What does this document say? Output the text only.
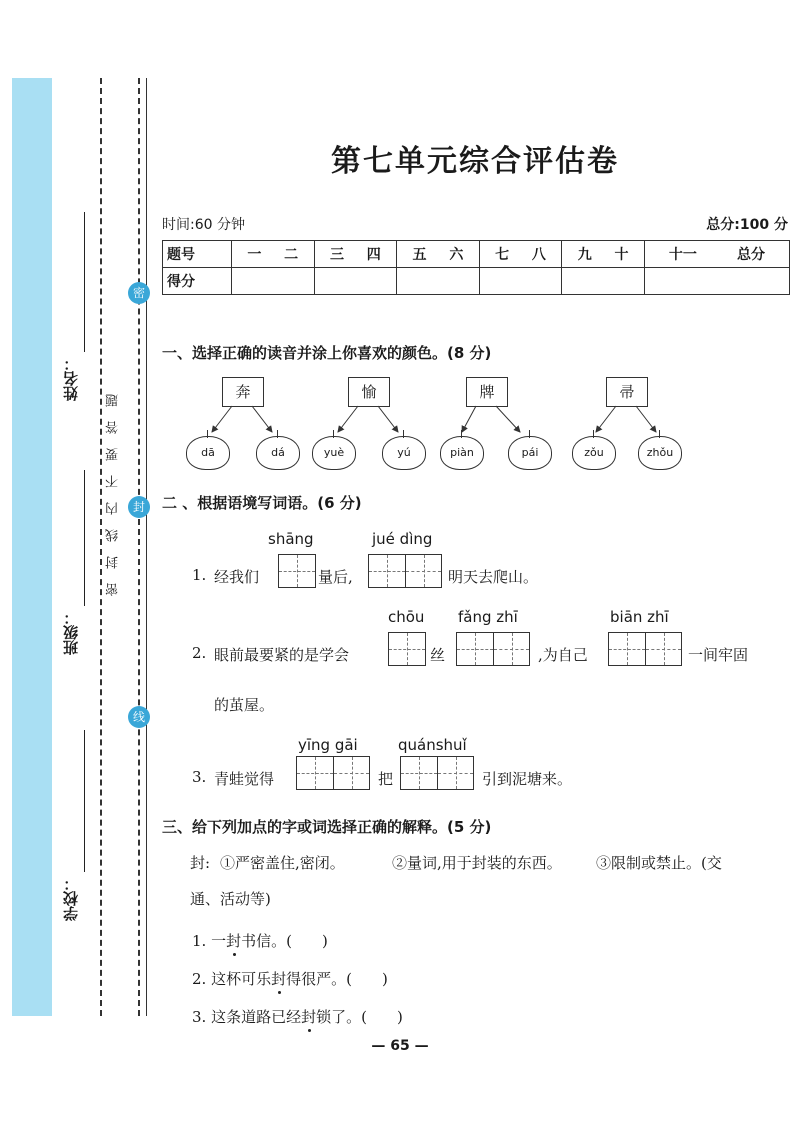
姓名：
班级：
学校：
密封线内不要答题
密
封
线
第七单元综合评估卷
时间:60 分钟	总分:100 分
题号	一 二	三 四	五 六	七 八	九 十	十一 总分

得分						
一、选择正确的读音并涂上你喜欢的颜色。(8 分)
奔
dā	dá
愉
yuè	yú
牌
piàn	pái
帚
zǒu	zhǒu
二 、根据语境写词语。(6 分)
shāng	jué dìng
1. 经我们	量后,	明天去爬山。
chōu fǎng zhī	biān zhī
2. 眼前最要紧的是学会	丝	,为自己	一间牢固
的茧屋。
yīng gāi	quánshuǐ
3. 青蛙觉得	把	引到泥塘来。
三、给下列加点的字或词选择正确的解释。(5 分)
封: ①严密盖住,密闭。	②量词,用于封装的东西。 ③限制或禁止。(交
通、活动等)
1. 一封书信。(　　)
2. 这杯可乐封得很严。(　　)
3. 这条道路已经封锁了。(　　)
— 65 —
